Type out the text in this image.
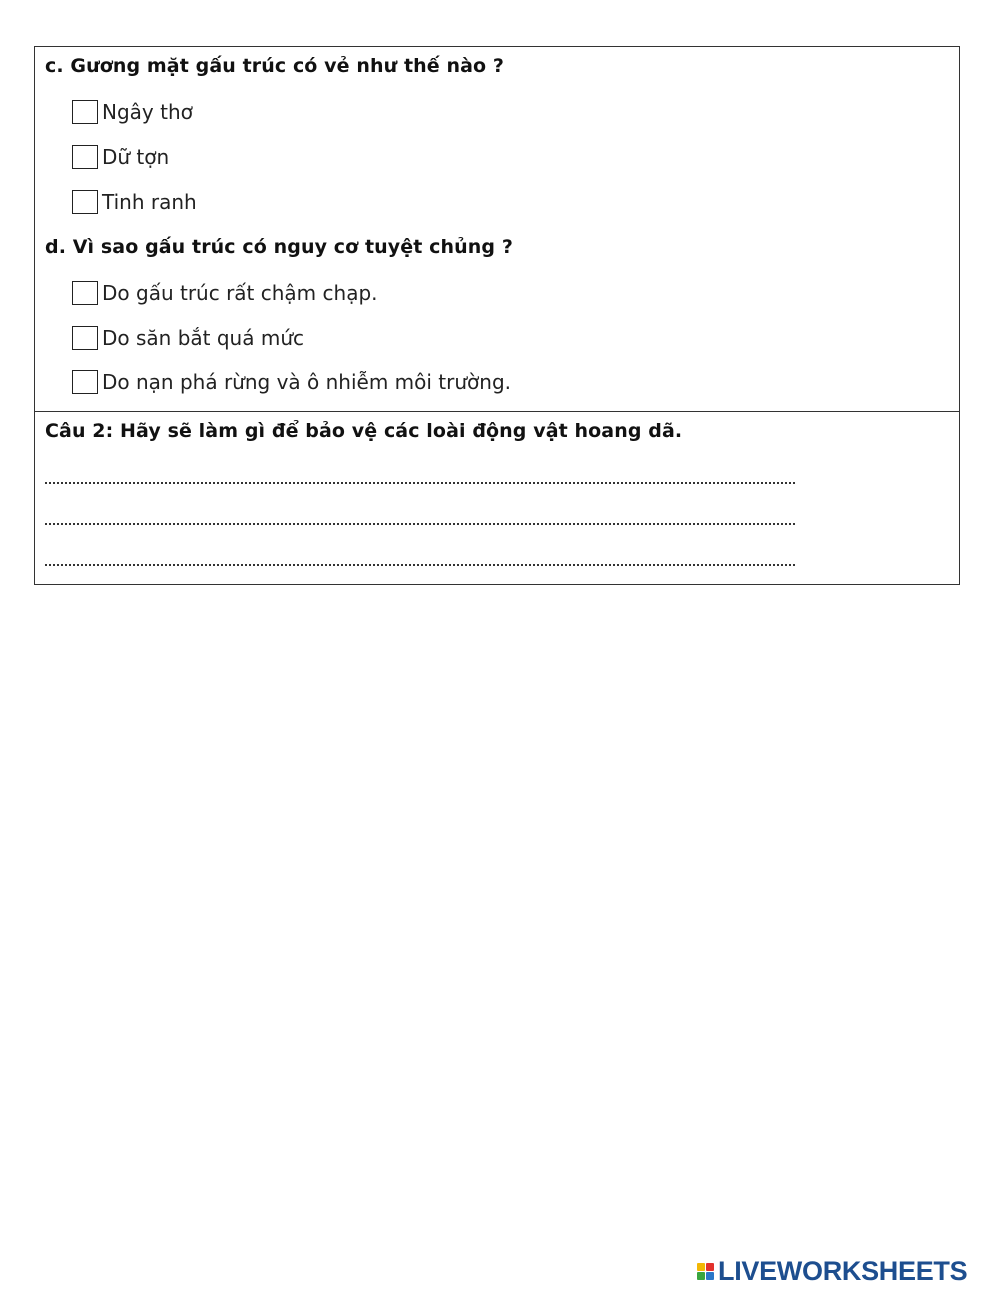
c. Gương mặt gấu trúc có vẻ như thế nào ?
Ngây thơ
Dữ tợn
Tinh ranh
d. Vì sao gấu trúc có nguy cơ tuyệt chủng ?
Do gấu trúc rất chậm chạp.
Do săn bắt quá mức
Do nạn phá rừng và ô nhiễm môi trường.
Câu 2: Hãy sẽ làm gì để bảo vệ các loài động vật hoang dã.
LIVEWORKSHEETS
